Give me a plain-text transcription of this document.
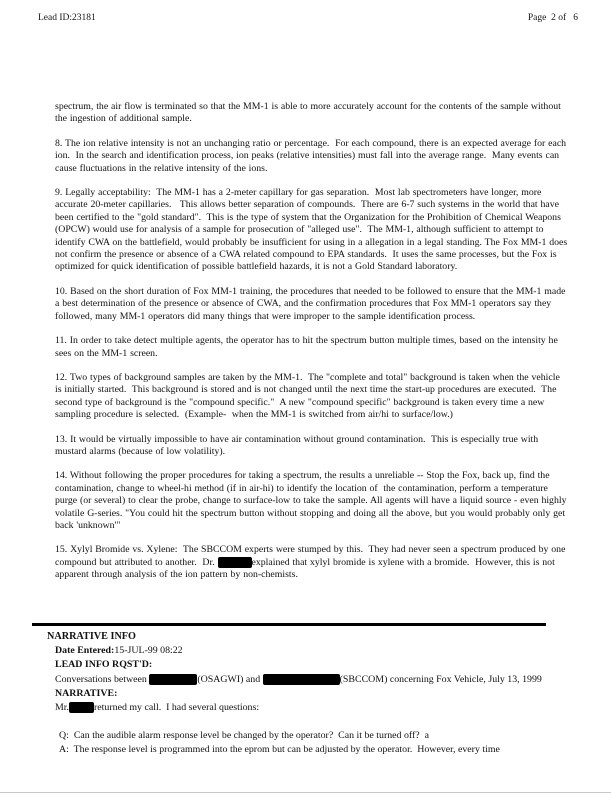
Lead ID:23181	Page  2 of   6

spectrum, the air flow is terminated so that the MM-1 is able to more accurately account for the contents of the sample without the ingestion of additional sample.

8. The ion relative intensity is not an unchanging ratio or percentage.  For each compound, there is an expected average for each ion.  In the search and identification process, ion peaks (relative intensities) must fall into the average range.  Many events can cause fluctuations in the relative intensity of the ions.

9. Legally acceptability:  The MM-1 has a 2-meter capillary for gas separation.  Most lab spectrometers have longer, more accurate 20-meter capillaries.   This allows better separation of compounds.  There are 6-7 such systems in the world that have been certified to the "gold standard".  This is the type of system that the Organization for the Prohibition of Chemical Weapons (OPCW) would use for analysis of a sample for prosecution of "alleged use".  The MM-1, although sufficient to attempt to identify CWA on the battlefield, would probably be insufficient for using in a allegation in a legal standing. The Fox MM-1 does not confirm the presence or absence of a CWA related compound to EPA standards.  It uses the same processes, but the Fox is optimized for quick identification of possible battlefield hazards, it is not a Gold Standard laboratory.

10. Based on the short duration of Fox MM-1 training, the procedures that needed to be followed to ensure that the MM-1 made a best determination of the presence or absence of CWA, and the confirmation procedures that Fox MM-1 operators say they followed, many MM-1 operators did many things that were improper to the sample identification process.

11. In order to take detect multiple agents, the operator has to hit the spectrum button multiple times, based on the intensity he sees on the MM-1 screen.

12. Two types of background samples are taken by the MM-1.  The "complete and total" background is taken when the vehicle is initially started.  This background is stored and is not changed until the next time the start-up procedures are executed.  The second type of background is the "compound specific."  A new "compound specific" background is taken every time a new sampling procedure is selected.  (Example-  when the MM-1 is switched from air/hi to surface/low.)

13. It would be virtually impossible to have air contamination without ground contamination.  This is especially true with mustard alarms (because of low volatility).

14. Without following the proper procedures for taking a spectrum, the results a unreliable -- Stop the Fox, back up, find the contamination, change to wheel-hi method (if in air-hi) to identify the location of  the contamination, perform a temperature purge (or several) to clear the probe, change to surface-low to take the sample. All agents will have a liquid source - even highly volatile G-series. "You could hit the spectrum button without stopping and doing all the above, but you would probably only get back 'unknown'"

15. Xylyl Bromide vs. Xylene:  The SBCCOM experts were stumped by this.  They had never seen a spectrum produced by one compound but attributed to another.  Dr.	explained that xylyl bromide is xylene with a bromide.  However, this is not apparent through analysis of the ion pattern by non-chemists.

NARRATIVE INFO
Date Entered:15-JUL-99 08:22
LEAD INFO RQST'D:
Conversations between	(OSAGWI) and	(SBCCOM) concerning Fox Vehicle, July 13, 1999
NARRATIVE:
Mr.	returned my call.  I had several questions:
Q:  Can the audible alarm response level be changed by the operator?  Can it be turned off?  a
A:  The response level is programmed into the eprom but can be adjusted by the operator.  However, every time
